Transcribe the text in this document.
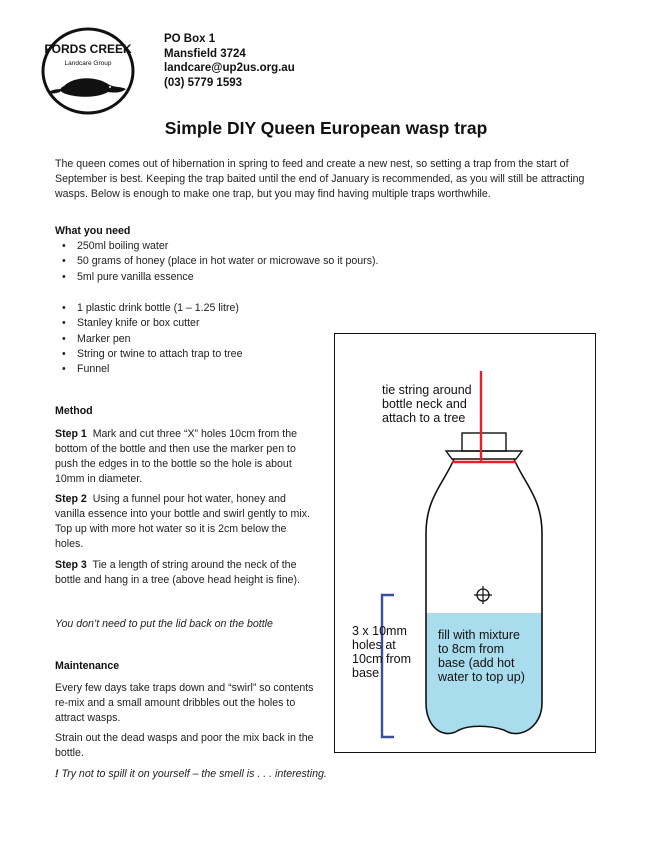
FORDS CREEK
Landcare Group
PO Box 1
Mansfield 3724
landcare@up2us.org.au
(03) 5779 1593
Simple DIY Queen European wasp trap
The queen comes out of hibernation in spring to feed and create a new nest, so setting a trap from the start of September is best. Keeping the trap baited until the end of January is recommended, as you will still be attracting wasps. Below is enough to make one trap, but you may find having multiple traps worthwhile.
What you need
• 250ml boiling water
• 50 grams of honey (place in hot water or microwave so it pours).
• 5ml pure vanilla essence
• 1 plastic drink bottle (1 – 1.25 litre)
• Stanley knife or box cutter
• Marker pen
• String or twine to attach trap to tree
• Funnel
Method
Step 1 Mark and cut three “X” holes 10cm from the bottom of the bottle and then use the marker pen to push the edges in to the bottle so the hole is about 10mm in diameter.
Step 2 Using a funnel pour hot water, honey and vanilla essence into your bottle and swirl gently to mix. Top up with more hot water so it is 2cm below the holes.
Step 3 Tie a length of string around the neck of the bottle and hang in a tree (above head height is fine).
You don’t need to put the lid back on the bottle
Maintenance
Every few days take traps down and “swirl” so contents re-mix and a small amount dribbles out the holes to attract wasps.
Strain out the dead wasps and poor the mix back in the bottle.
! Try not to spill it on yourself – the smell is . . . interesting.
tie string around
bottle neck and
attach to a tree
3 x 10mm
holes at
10cm from
base
fill with mixture
to 8cm from
base (add hot
water to top up)
